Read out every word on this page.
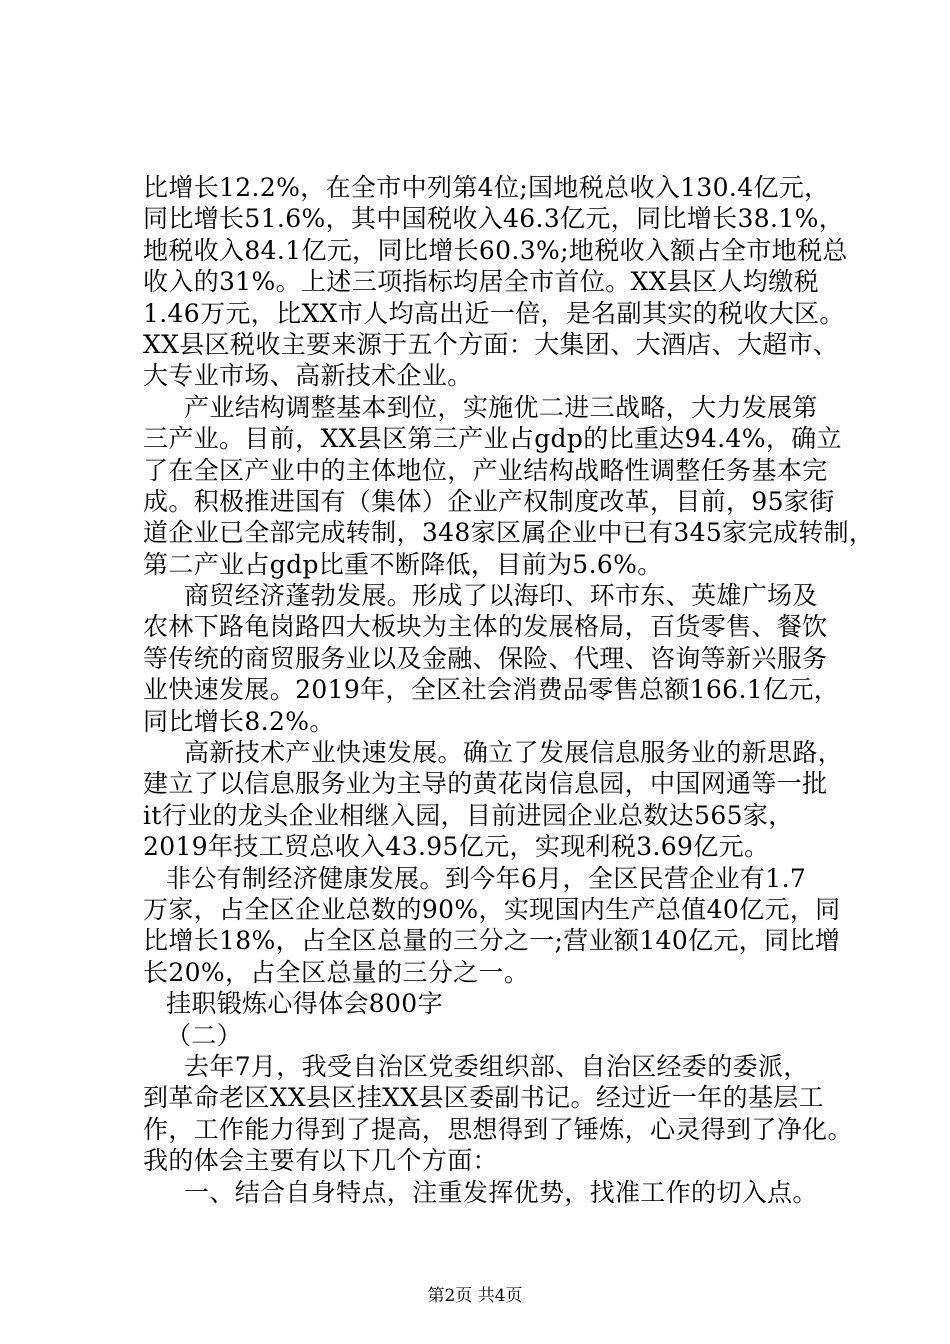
比增长12.2%，在全市中列第4位;国地税总收入130.4亿元，
同比增长51.6%，其中国税收入46.3亿元，同比增长38.1%，
地税收入84.1亿元，同比增长60.3%;地税收入额占全市地税总
收入的31%。上述三项指标均居全市首位。XX县区人均缴税
1.46万元，比XX市人均高出近一倍，是名副其实的税收大区。
XX县区税收主要来源于五个方面：大集团、大酒店、大超市、
大专业市场、高新技术企业。
产业结构调整基本到位，实施优二进三战略，大力发展第
三产业。目前，XX县区第三产业占gdp的比重达94.4%，确立
了在全区产业中的主体地位，产业结构战略性调整任务基本完
成。积极推进国有（集体）企业产权制度改革，目前，95家街
道企业已全部完成转制，348家区属企业中已有345家完成转制，
第二产业占gdp比重不断降低，目前为5.6%。
商贸经济蓬勃发展。形成了以海印、环市东、英雄广场及
农林下路龟岗路四大板块为主体的发展格局，百货零售、餐饮
等传统的商贸服务业以及金融、保险、代理、咨询等新兴服务
业快速发展。2019年，全区社会消费品零售总额166.1亿元，
同比增长8.2%。
高新技术产业快速发展。确立了发展信息服务业的新思路，
建立了以信息服务业为主导的黄花岗信息园，中国网通等一批
it行业的龙头企业相继入园，目前进园企业总数达565家，
2019年技工贸总收入43.95亿元，实现利税3.69亿元。
非公有制经济健康发展。到今年6月，全区民营企业有1.7
万家，占全区企业总数的90%，实现国内生产总值40亿元，同
比增长18%，占全区总量的三分之一;营业额140亿元，同比增
长20%，占全区总量的三分之一。
挂职锻炼心得体会800字
（二）
去年7月，我受自治区党委组织部、自治区经委的委派，
到革命老区XX县区挂XX县区委副书记。经过近一年的基层工
作，工作能力得到了提高，思想得到了锤炼，心灵得到了净化。
我的体会主要有以下几个方面：
一、结合自身特点，注重发挥优势，找准工作的切入点。
第2页 共4页
